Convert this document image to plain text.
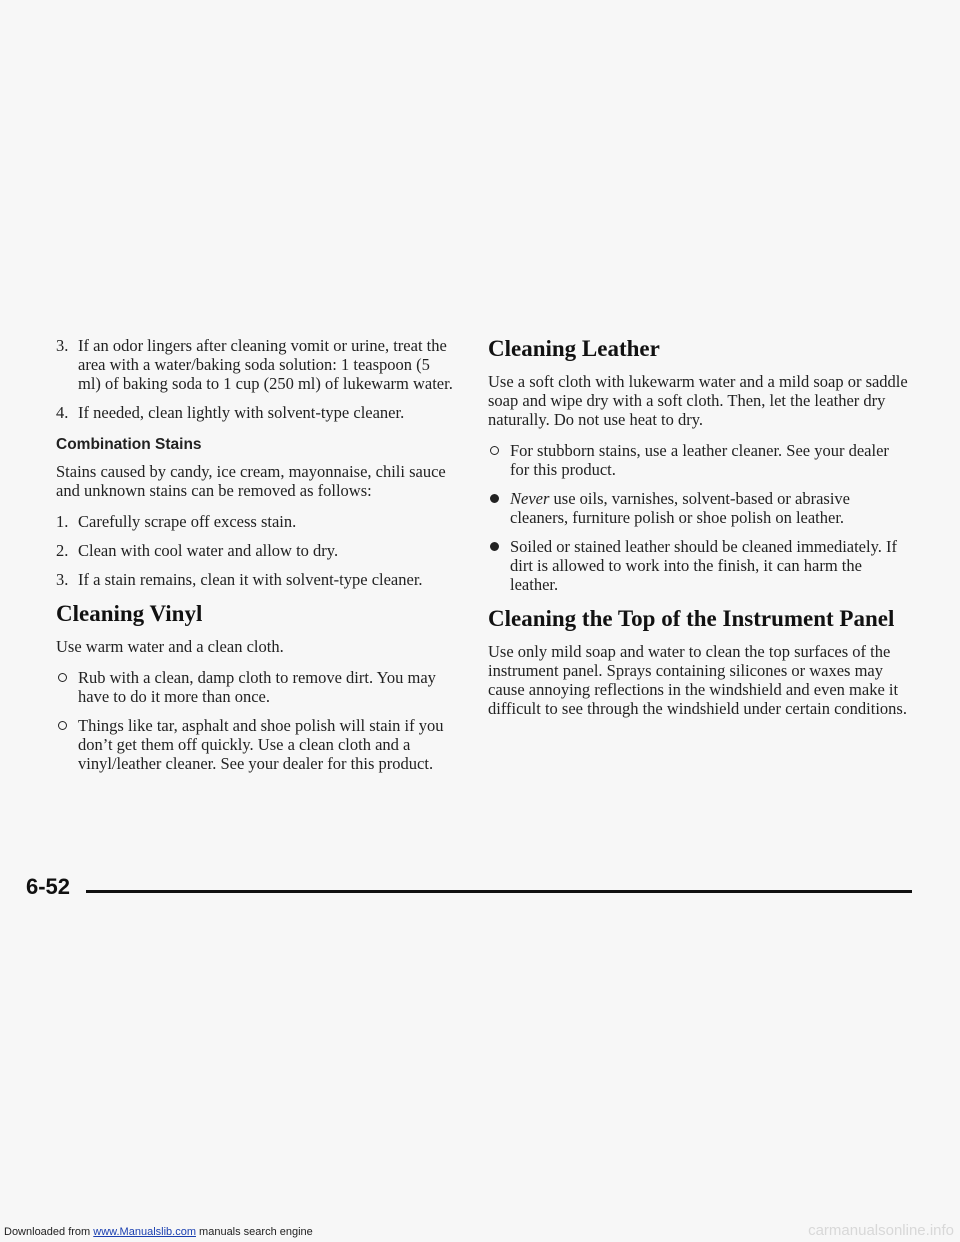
3. If an odor lingers after cleaning vomit or urine, treat the area with a water/baking soda solution: 1 teaspoon (5 ml) of baking soda to 1 cup (250 ml) of lukewarm water.
4. If needed, clean lightly with solvent-type cleaner.
Combination Stains

Stains caused by candy, ice cream, mayonnaise, chili sauce and unknown stains can be removed as follows:

1. Carefully scrape off excess stain.
2. Clean with cool water and allow to dry.
3. If a stain remains, clean it with solvent-type cleaner.
Cleaning Vinyl

Use warm water and a clean cloth.

Rub with a clean, damp cloth to remove dirt. You may have to do it more than once.
Things like tar, asphalt and shoe polish will stain if you don’t get them off quickly. Use a clean cloth and a vinyl/leather cleaner. See your dealer for this product.
Cleaning Leather

Use a soft cloth with lukewarm water and a mild soap or saddle soap and wipe dry with a soft cloth. Then, let the leather dry naturally. Do not use heat to dry.

For stubborn stains, use a leather cleaner. See your dealer for this product.
Never use oils, varnishes, solvent-based or abrasive cleaners, furniture polish or shoe polish on leather.
Soiled or stained leather should be cleaned immediately. If dirt is allowed to work into the finish, it can harm the leather.
Cleaning the Top of the Instrument Panel

Use only mild soap and water to clean the top surfaces of the instrument panel. Sprays containing silicones or waxes may cause annoying reflections in the windshield and even make it difficult to see through the windshield under certain conditions.

6-52
Downloaded from www.Manualslib.com manuals search engine	carmanualsonline.info
